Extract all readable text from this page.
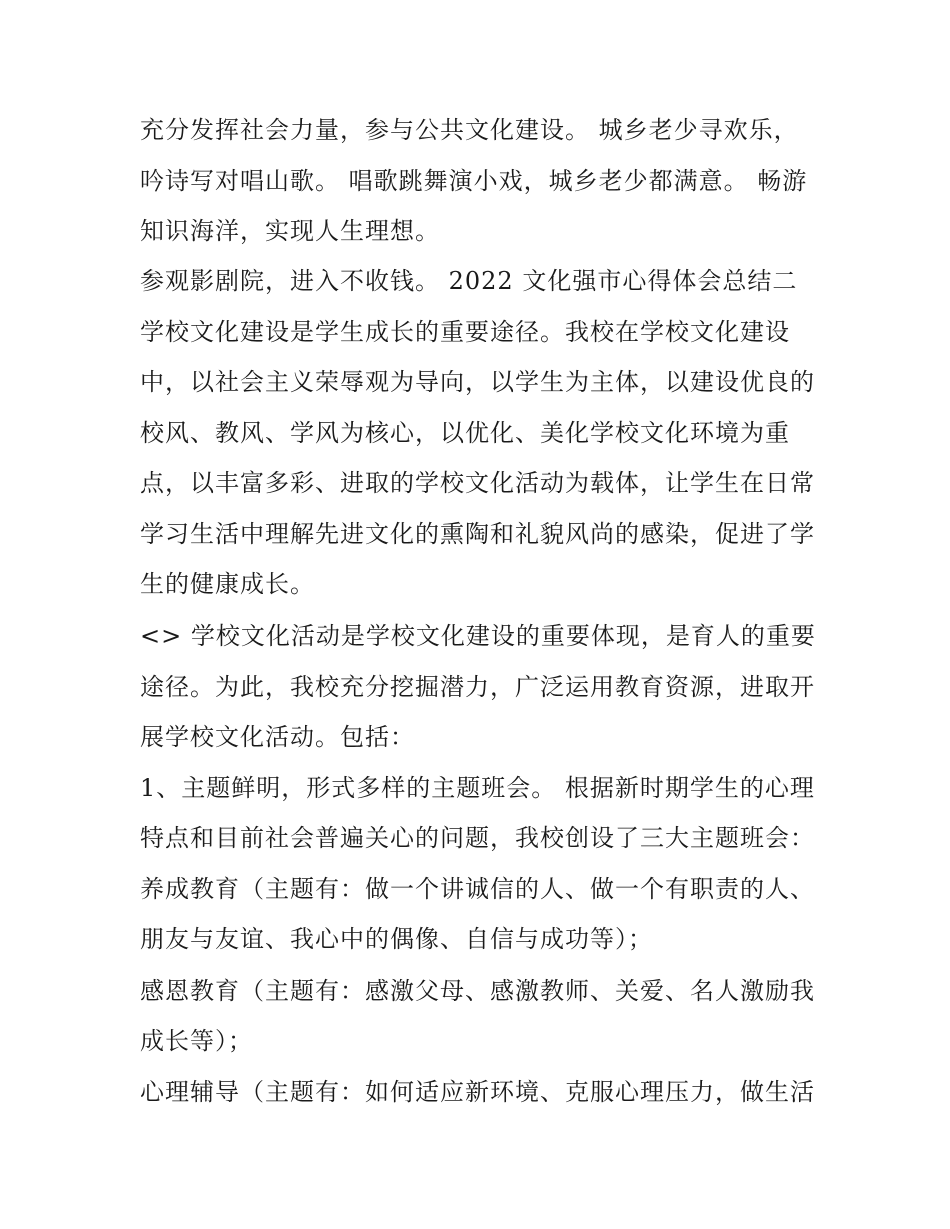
充分发挥社会力量，参与公共文化建设。 城乡老少寻欢乐，
吟诗写对唱山歌。 唱歌跳舞演小戏，城乡老少都满意。 畅游
知识海洋，实现人生理想。
参观影剧院，进入不收钱。 2022 文化强市心得体会总结二
学校文化建设是学生成长的重要途径。我校在学校文化建设
中，以社会主义荣辱观为导向，以学生为主体，以建设优良的
校风、教风、学风为核心，以优化、美化学校文化环境为重
点，以丰富多彩、进取的学校文化活动为载体，让学生在日常
学习生活中理解先进文化的熏陶和礼貌风尚的感染，促进了学
生的健康成长。
<> 学校文化活动是学校文化建设的重要体现，是育人的重要
途径。为此，我校充分挖掘潜力，广泛运用教育资源，进取开
展学校文化活动。包括：
1、主题鲜明，形式多样的主题班会。 根据新时期学生的心理
特点和目前社会普遍关心的问题，我校创设了三大主题班会：
养成教育（主题有：做一个讲诚信的人、做一个有职责的人、
朋友与友谊、我心中的偶像、自信与成功等）；
感恩教育（主题有：感激父母、感激教师、关爱、名人激励我
成长等）；
心理辅导（主题有：如何适应新环境、克服心理压力，做生活
